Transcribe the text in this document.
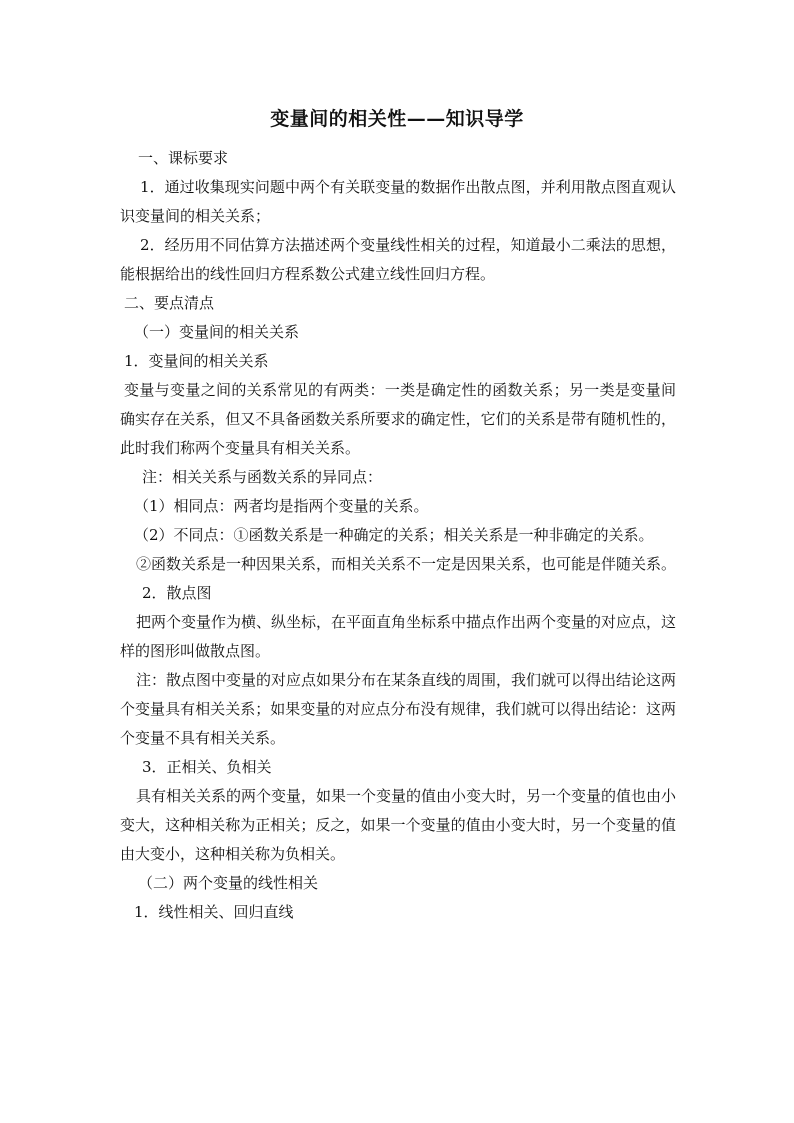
变量间的相关性——知识导学
一、课标要求
1．通过收集现实问题中两个有关联变量的数据作出散点图，并利用散点图直观认识变量间的相关关系；
2．经历用不同估算方法描述两个变量线性相关的过程，知道最小二乘法的思想，能根据给出的线性回归方程系数公式建立线性回归方程。
二、要点清点
（一）变量间的相关关系
1．变量间的相关关系
变量与变量之间的关系常见的有两类：一类是确定性的函数关系；另一类是变量间确实存在关系，但又不具备函数关系所要求的确定性，它们的关系是带有随机性的，此时我们称两个变量具有相关关系。
注：相关关系与函数关系的异同点：
（1）相同点：两者均是指两个变量的关系。
（2）不同点：①函数关系是一种确定的关系；相关关系是一种非确定的关系。
②函数关系是一种因果关系，而相关关系不一定是因果关系，也可能是伴随关系。
2．散点图
把两个变量作为横、纵坐标，在平面直角坐标系中描点作出两个变量的对应点，这样的图形叫做散点图。
注：散点图中变量的对应点如果分布在某条直线的周围，我们就可以得出结论这两个变量具有相关关系；如果变量的对应点分布没有规律，我们就可以得出结论：这两个变量不具有相关关系。
3．正相关、负相关
具有相关关系的两个变量，如果一个变量的值由小变大时，另一个变量的值也由小变大，这种相关称为正相关；反之，如果一个变量的值由小变大时，另一个变量的值由大变小，这种相关称为负相关。
（二）两个变量的线性相关
1．线性相关、回归直线
